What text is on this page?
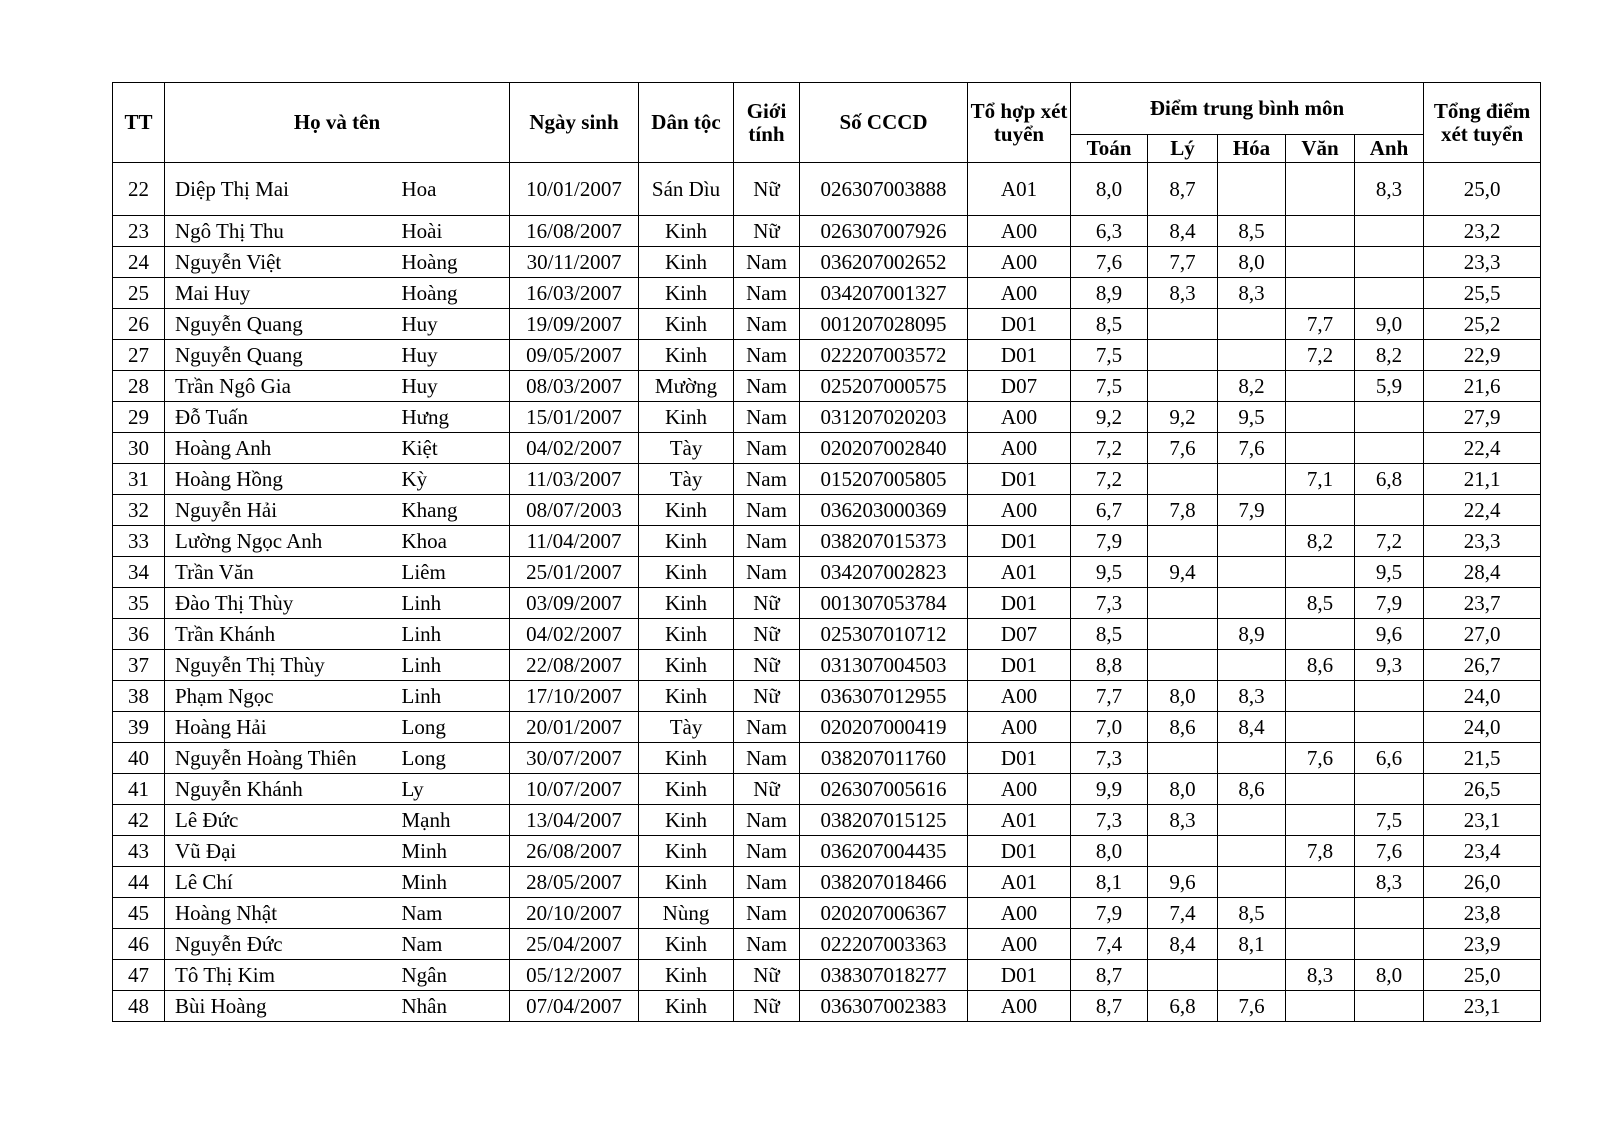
TT	Họ và tên		Ngày sinh	Dân tộc	Giới tính	Số CCCD	Tổ hợp xét tuyển	Điểm trung bình môn					Tổng điểm xét tuyển
								Toán	Lý	Hóa	Văn	Anh	
22	Diệp Thị Mai	Hoa	10/01/2007	Sán Dìu	Nữ	026307003888	A01	8,0	8,7			8,3	25,0
23	Ngô Thị Thu	Hoài	16/08/2007	Kinh	Nữ	026307007926	A00	6,3	8,4	8,5			23,2
24	Nguyễn Việt	Hoàng	30/11/2007	Kinh	Nam	036207002652	A00	7,6	7,7	8,0			23,3
25	Mai Huy	Hoàng	16/03/2007	Kinh	Nam	034207001327	A00	8,9	8,3	8,3			25,5
26	Nguyễn Quang	Huy	19/09/2007	Kinh	Nam	001207028095	D01	8,5			7,7	9,0	25,2
27	Nguyễn Quang	Huy	09/05/2007	Kinh	Nam	022207003572	D01	7,5			7,2	8,2	22,9
28	Trần Ngô Gia	Huy	08/03/2007	Mường	Nam	025207000575	D07	7,5		8,2		5,9	21,6
29	Đỗ Tuấn	Hưng	15/01/2007	Kinh	Nam	031207020203	A00	9,2	9,2	9,5			27,9
30	Hoàng Anh	Kiệt	04/02/2007	Tày	Nam	020207002840	A00	7,2	7,6	7,6			22,4
31	Hoàng Hồng	Kỳ	11/03/2007	Tày	Nam	015207005805	D01	7,2			7,1	6,8	21,1
32	Nguyễn Hải	Khang	08/07/2003	Kinh	Nam	036203000369	A00	6,7	7,8	7,9			22,4
33	Lường Ngọc Anh	Khoa	11/04/2007	Kinh	Nam	038207015373	D01	7,9			8,2	7,2	23,3
34	Trần Văn	Liêm	25/01/2007	Kinh	Nam	034207002823	A01	9,5	9,4			9,5	28,4
35	Đào Thị Thùy	Linh	03/09/2007	Kinh	Nữ	001307053784	D01	7,3			8,5	7,9	23,7
36	Trần Khánh	Linh	04/02/2007	Kinh	Nữ	025307010712	D07	8,5		8,9		9,6	27,0
37	Nguyễn Thị Thùy	Linh	22/08/2007	Kinh	Nữ	031307004503	D01	8,8			8,6	9,3	26,7
38	Phạm Ngọc	Linh	17/10/2007	Kinh	Nữ	036307012955	A00	7,7	8,0	8,3			24,0
39	Hoàng Hải	Long	20/01/2007	Tày	Nam	020207000419	A00	7,0	8,6	8,4			24,0
40	Nguyễn Hoàng Thiên	Long	30/07/2007	Kinh	Nam	038207011760	D01	7,3			7,6	6,6	21,5
41	Nguyễn Khánh	Ly	10/07/2007	Kinh	Nữ	026307005616	A00	9,9	8,0	8,6			26,5
42	Lê Đức	Mạnh	13/04/2007	Kinh	Nam	038207015125	A01	7,3	8,3			7,5	23,1
43	Vũ Đại	Minh	26/08/2007	Kinh	Nam	036207004435	D01	8,0			7,8	7,6	23,4
44	Lê Chí	Minh	28/05/2007	Kinh	Nam	038207018466	A01	8,1	9,6			8,3	26,0
45	Hoàng Nhật	Nam	20/10/2007	Nùng	Nam	020207006367	A00	7,9	7,4	8,5			23,8
46	Nguyễn Đức	Nam	25/04/2007	Kinh	Nam	022207003363	A00	7,4	8,4	8,1			23,9
47	Tô Thị Kim	Ngân	05/12/2007	Kinh	Nữ	038307018277	D01	8,7			8,3	8,0	25,0
48	Bùi Hoàng	Nhân	07/04/2007	Kinh	Nữ	036307002383	A00	8,7	6,8	7,6			23,1
